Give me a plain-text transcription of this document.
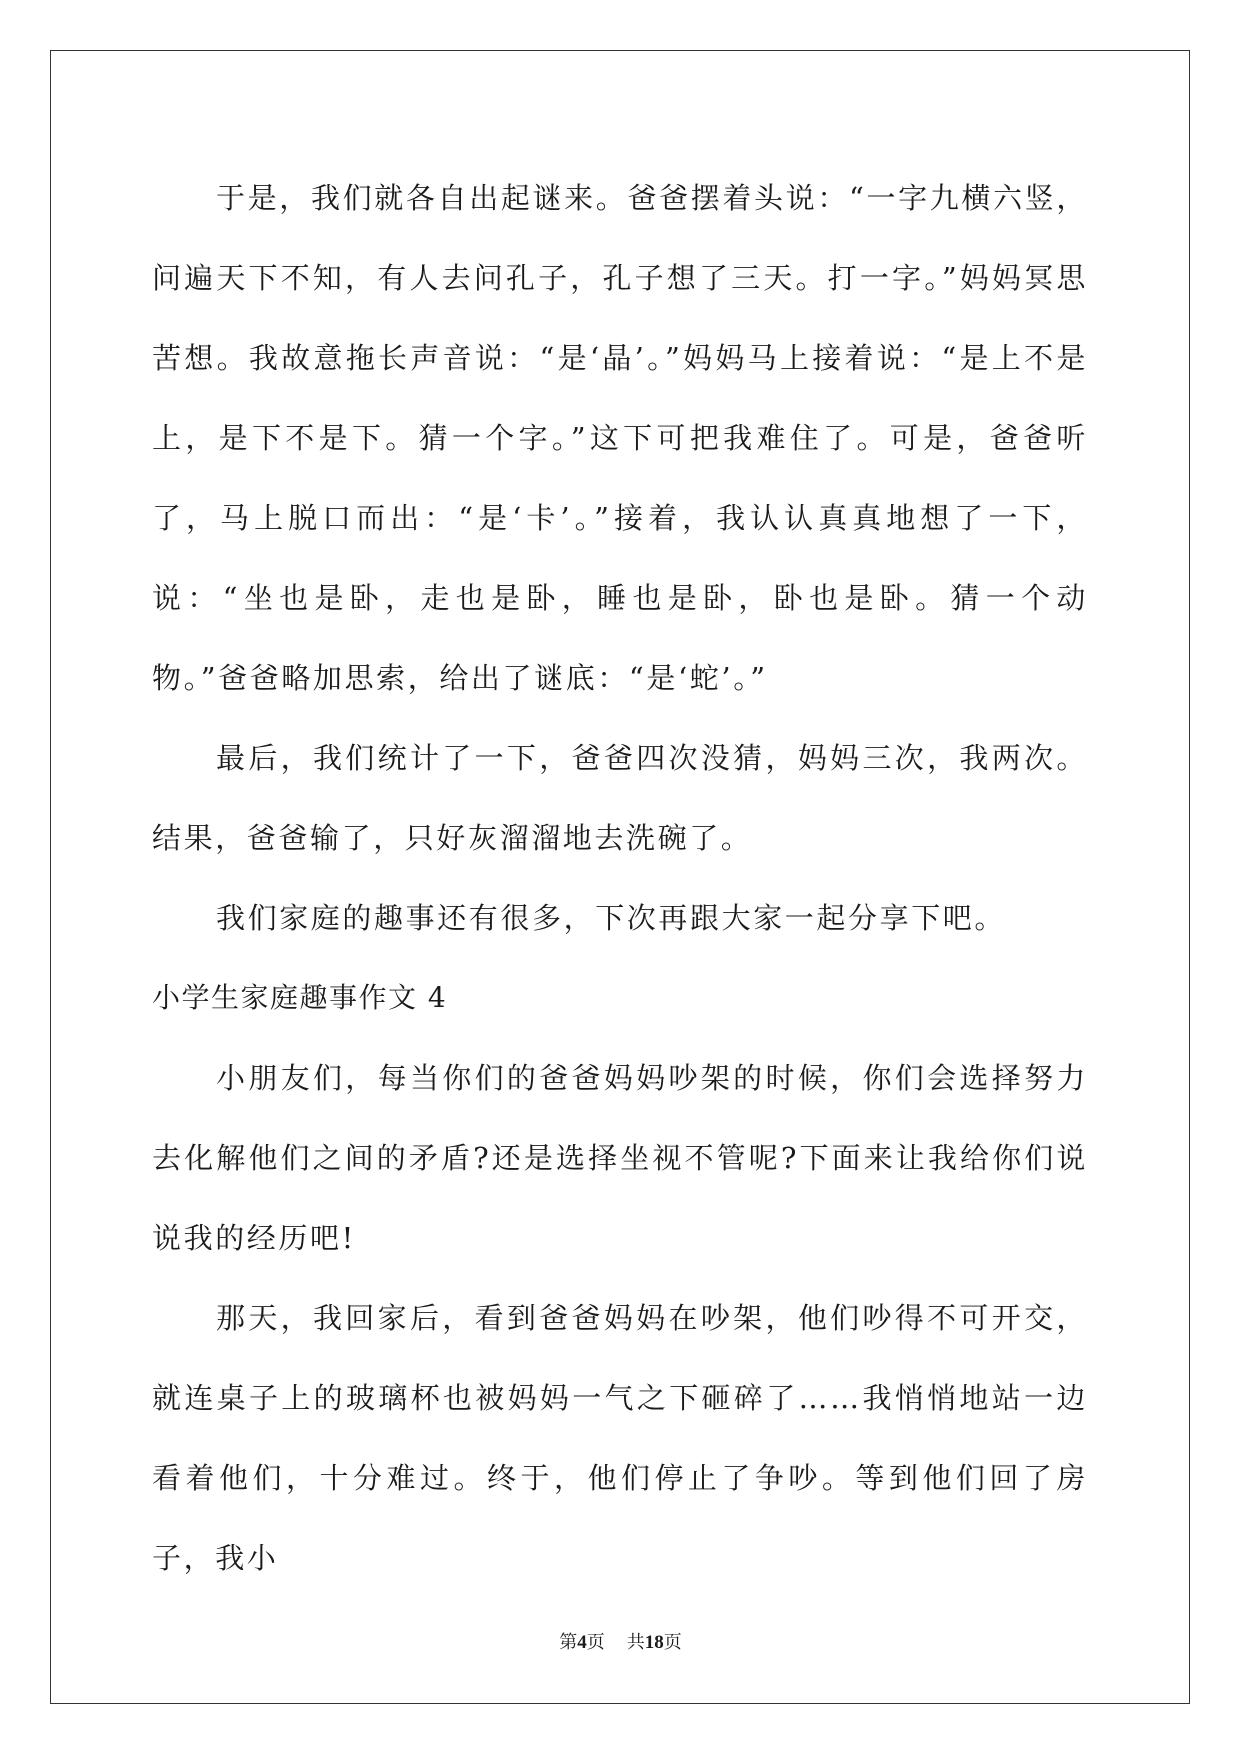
于是，我们就各自出起谜来。爸爸摆着头说：“一字九横六竖，问遍天下不知，有人去问孔子，孔子想了三天。打一字。”妈妈冥思苦想。我故意拖长声音说：“是‘晶’。”妈妈马上接着说：“是上不是上，是下不是下。猜一个字。”这下可把我难住了。可是，爸爸听了，马上脱口而出：“是‘卡’。”接着，我认认真真地想了一下，说：“坐也是卧，走也是卧，睡也是卧，卧也是卧。猜一个动物。”爸爸略加思索，给出了谜底：“是‘蛇’。”

最后，我们统计了一下，爸爸四次没猜，妈妈三次，我两次。结果，爸爸输了，只好灰溜溜地去洗碗了。

我们家庭的趣事还有很多，下次再跟大家一起分享下吧。

小学生家庭趣事作文 4

小朋友们，每当你们的爸爸妈妈吵架的时候，你们会选择努力去化解他们之间的矛盾?还是选择坐视不管呢?下面来让我给你们说说我的经历吧!

那天，我回家后，看到爸爸妈妈在吵架，他们吵得不可开交，就连桌子上的玻璃杯也被妈妈一气之下砸碎了……我悄悄地站一边看着他们，十分难过。终于，他们停止了争吵。等到他们回了房子，我小

第4页 共18页
